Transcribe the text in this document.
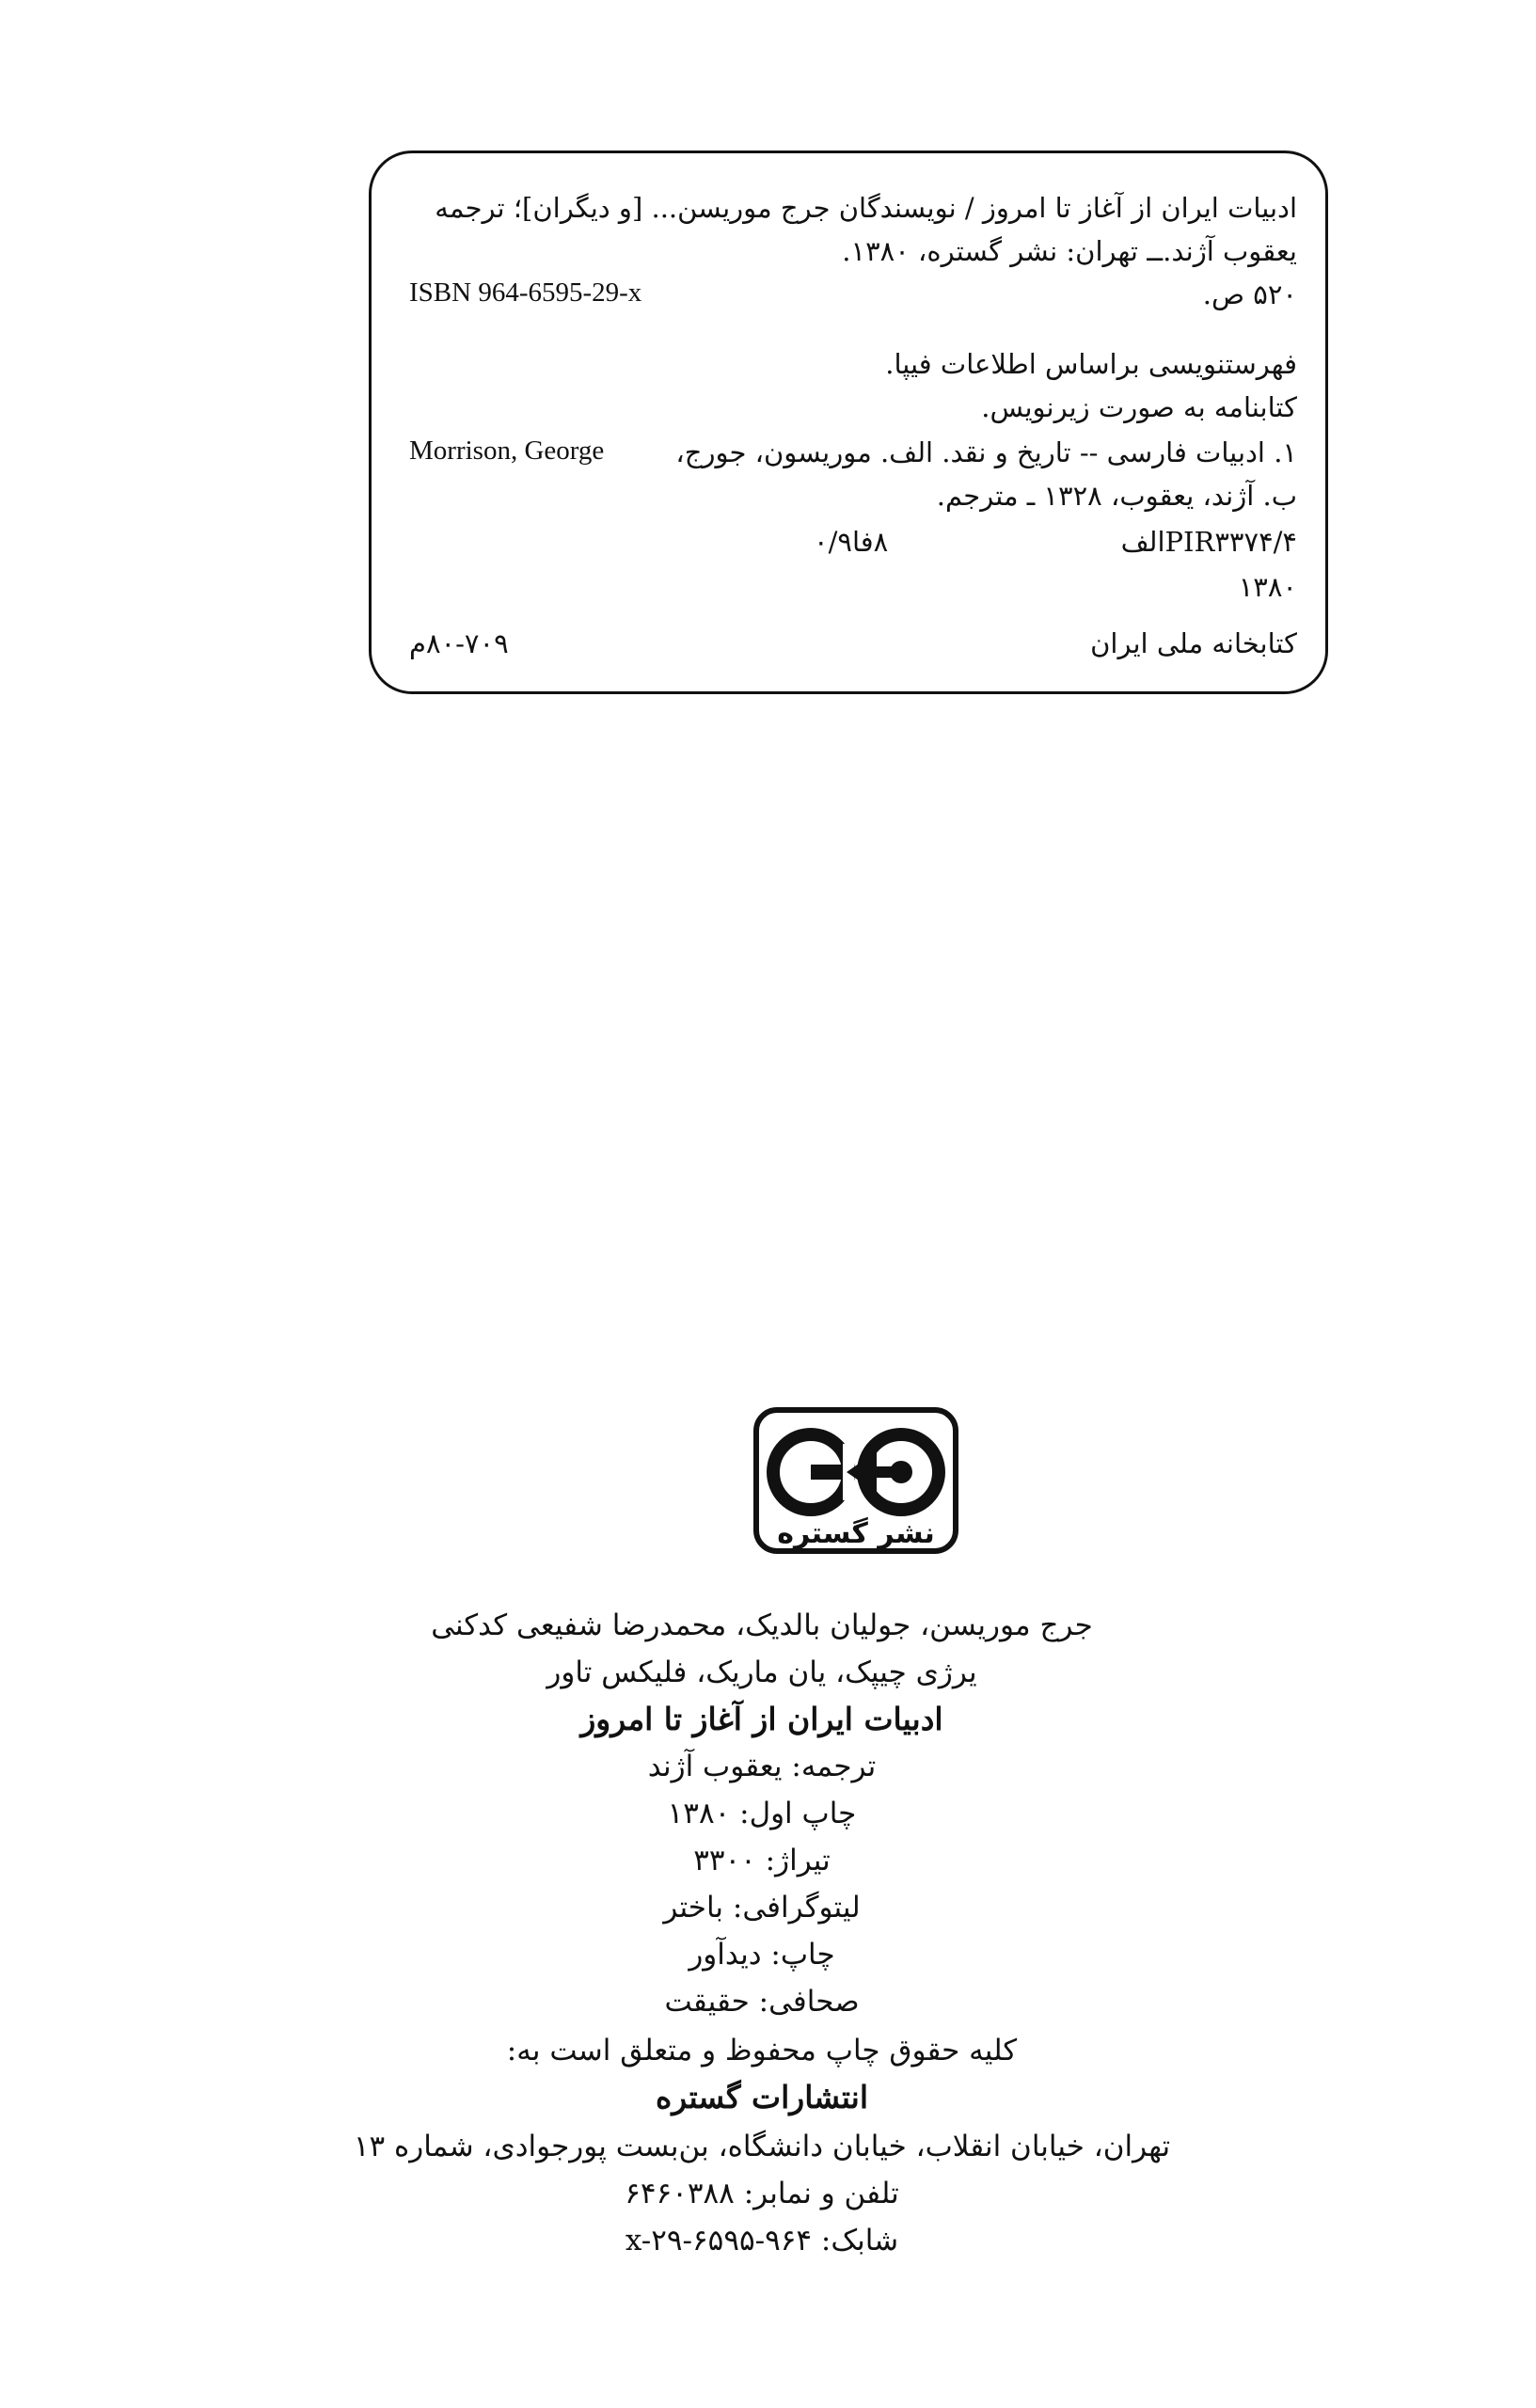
ادبیات ایران از آغاز تا امروز / نویسندگان جرج موریسن... [و دیگران]؛ ترجمه
یعقوب آژند.ــ تهران: نشر گستره، ۱۳۸۰.
۵۲۰ ص.
ISBN 964-6595-29-x
فهرستنویسی براساس اطلاعات فیپا.
کتابنامه به صورت زیرنویس.
۱. ادبیات فارسی -- تاریخ و نقد. الف. موریسون، جورج،
Morrison, George
ب. آژند، یعقوب، ۱۳۲۸ ـ مترجم.
PIR۳۳۷۴/۴الف
۸فا۰/۹
۱۳۸۰
کتابخانه ملی ایران
۸۰-۷۰۹م
نشر گستره
جرج موریسن، جولیان بالدیک، محمدرضا شفیعی کدکنی
یرژی چیپک، یان ماریک، فلیکس تاور
ادبیات ایران از آغاز تا امروز
ترجمه: یعقوب آژند
چاپ اول: ۱۳۸۰
تیراژ: ۳۳۰۰
لیتوگرافی: باختر
چاپ: دیدآور
صحافی: حقیقت
کلیه حقوق چاپ محفوظ و متعلق است به:
انتشارات گستره
تهران، خیابان انقلاب، خیابان دانشگاه، بن‌بست پورجوادی، شماره ۱۳
تلفن و نمابر: ۶۴۶۰۳۸۸
شابک: x-۲۹-۶۵۹۵-۹۶۴
